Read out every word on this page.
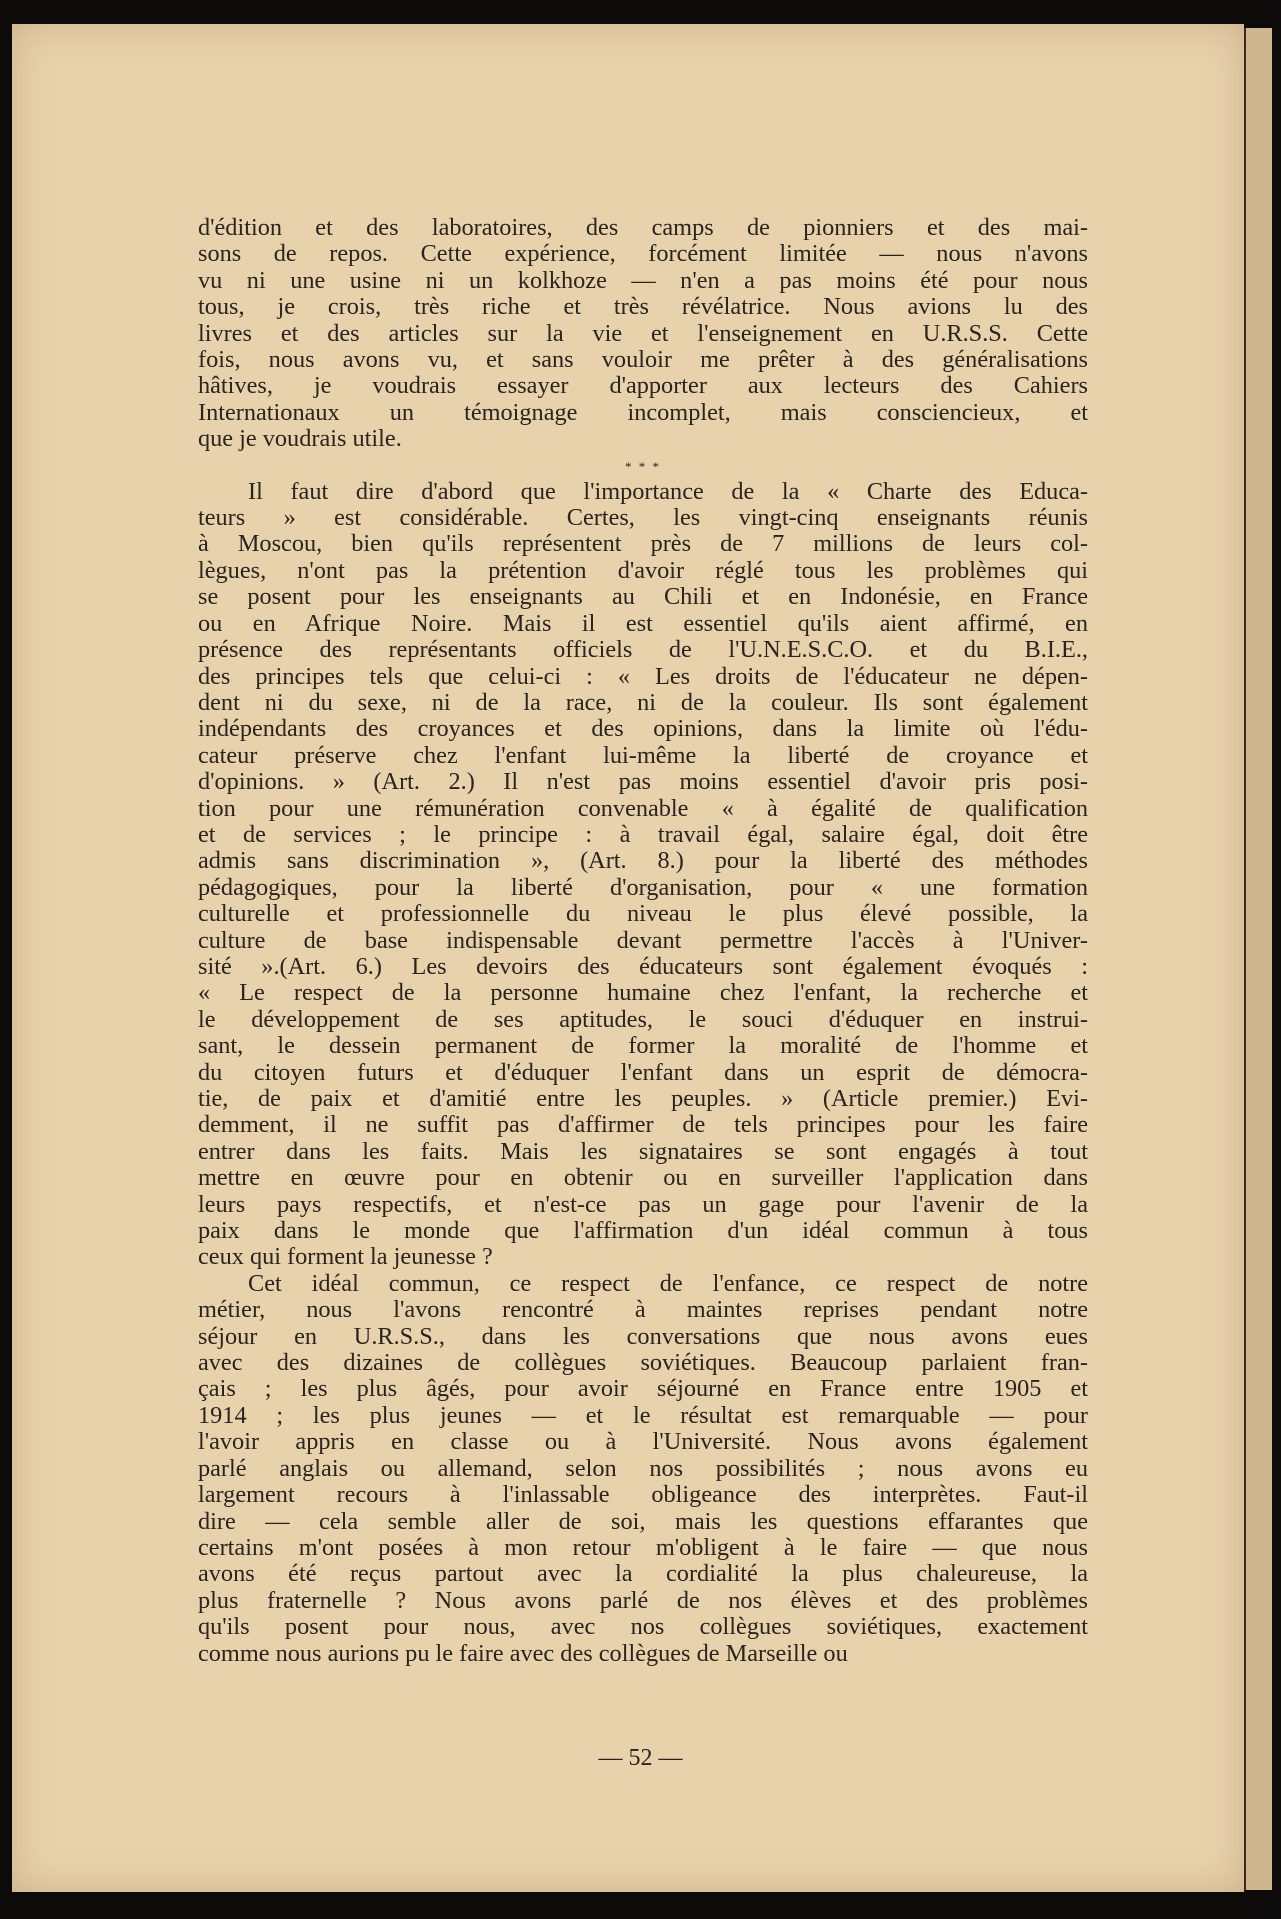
d'édition et des laboratoires, des camps de pionniers et des mai-

sons de repos. Cette expérience, forcément limitée — nous n'avons

vu ni une usine ni un kolkhoze — n'en a pas moins été pour nous

tous, je crois, très riche et très révélatrice. Nous avions lu des

livres et des articles sur la vie et l'enseignement en U.R.S.S. Cette

fois, nous avons vu, et sans vouloir me prêter à des généralisations

hâtives, je voudrais essayer d'apporter aux lecteurs des Cahiers

Internationaux un témoignage incomplet, mais consciencieux, et

que je voudrais utile.

* * *

Il faut dire d'abord que l'importance de la « Charte des Educa-

teurs » est considérable. Certes, les vingt-cinq enseignants réunis

à Moscou, bien qu'ils représentent près de 7 millions de leurs col-

lègues, n'ont pas la prétention d'avoir réglé tous les problèmes qui

se posent pour les enseignants au Chili et en Indonésie, en France

ou en Afrique Noire. Mais il est essentiel qu'ils aient affirmé, en

présence des représentants officiels de l'U.N.E.S.C.O. et du B.I.E.,

des principes tels que celui-ci : « Les droits de l'éducateur ne dépen-

dent ni du sexe, ni de la race, ni de la couleur. Ils sont également

indépendants des croyances et des opinions, dans la limite où l'édu-

cateur préserve chez l'enfant lui-même la liberté de croyance et

d'opinions. » (Art. 2.) Il n'est pas moins essentiel d'avoir pris posi-

tion pour une rémunération convenable « à égalité de qualification

et de services ; le principe : à travail égal, salaire égal, doit être

admis sans discrimination », (Art. 8.) pour la liberté des méthodes

pédagogiques, pour la liberté d'organisation, pour « une formation

culturelle et professionnelle du niveau le plus élevé possible, la

culture de base indispensable devant permettre l'accès à l'Univer-

sité ».(Art. 6.) Les devoirs des éducateurs sont également évoqués :

« Le respect de la personne humaine chez l'enfant, la recherche et

le développement de ses aptitudes, le souci d'éduquer en instrui-

sant, le dessein permanent de former la moralité de l'homme et

du citoyen futurs et d'éduquer l'enfant dans un esprit de démocra-

tie, de paix et d'amitié entre les peuples. » (Article premier.) Evi-

demment, il ne suffit pas d'affirmer de tels principes pour les faire

entrer dans les faits. Mais les signataires se sont engagés à tout

mettre en œuvre pour en obtenir ou en surveiller l'application dans

leurs pays respectifs, et n'est-ce pas un gage pour l'avenir de la

paix dans le monde que l'affirmation d'un idéal commun à tous

ceux qui forment la jeunesse ?

Cet idéal commun, ce respect de l'enfance, ce respect de notre

métier, nous l'avons rencontré à maintes reprises pendant notre

séjour en U.R.S.S., dans les conversations que nous avons eues

avec des dizaines de collègues soviétiques. Beaucoup parlaient fran-

çais ; les plus âgés, pour avoir séjourné en France entre 1905 et

1914 ; les plus jeunes — et le résultat est remarquable — pour

l'avoir appris en classe ou à l'Université. Nous avons également

parlé anglais ou allemand, selon nos possibilités ; nous avons eu

largement recours à l'inlassable obligeance des interprètes. Faut-il

dire — cela semble aller de soi, mais les questions effarantes que

certains m'ont posées à mon retour m'obligent à le faire — que nous

avons été reçus partout avec la cordialité la plus chaleureuse, la

plus fraternelle ? Nous avons parlé de nos élèves et des problèmes

qu'ils posent pour nous, avec nos collègues soviétiques, exactement

comme nous aurions pu le faire avec des collègues de Marseille ou

— 52 —
